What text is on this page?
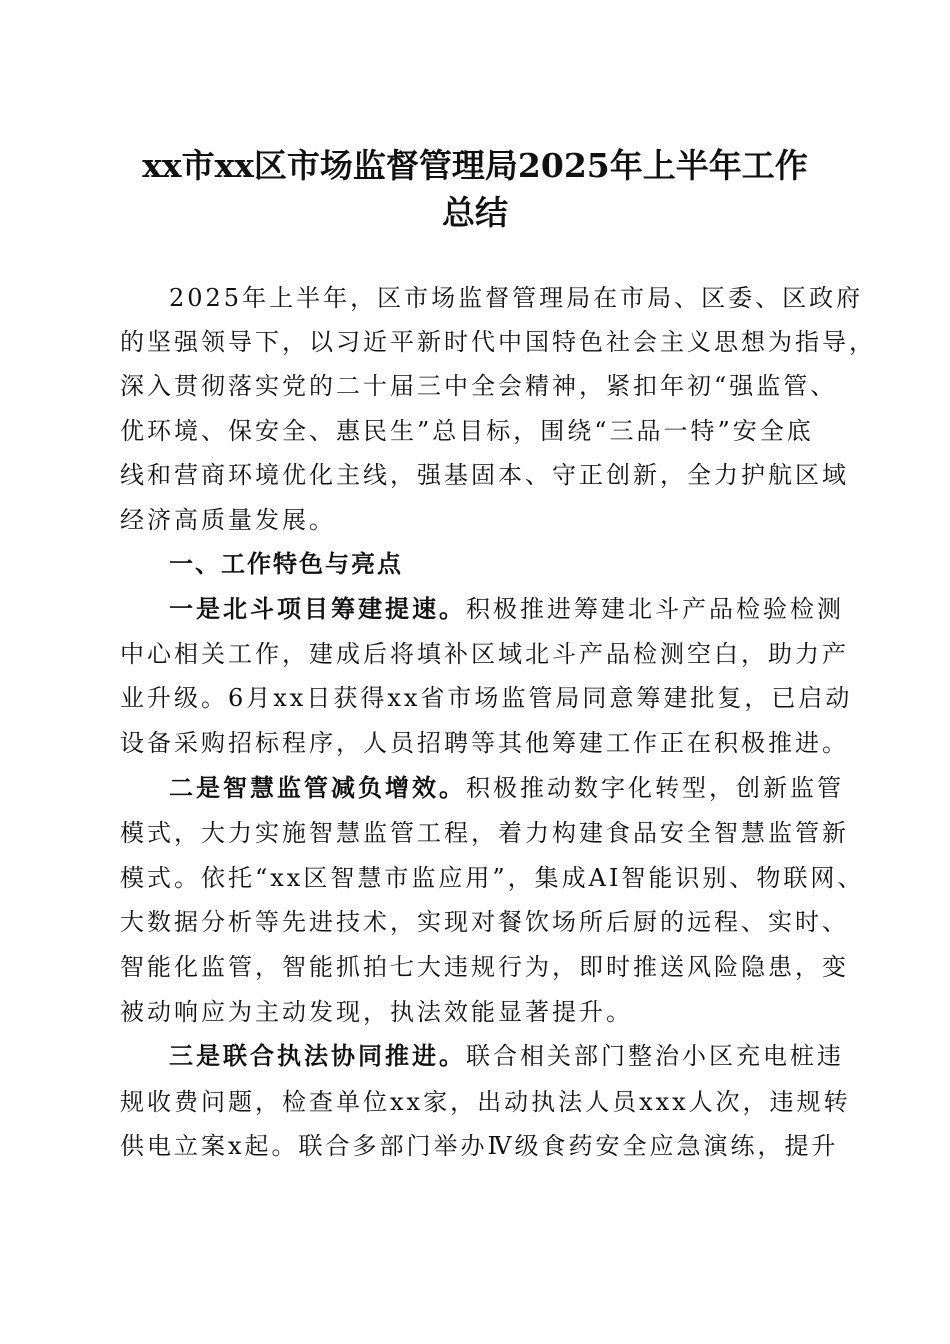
xx市xx区市场监督管理局2025年上半年工作
总结
2025年上半年，区市场监督管理局在市局、区委、区政府
的坚强领导下，以习近平新时代中国特色社会主义思想为指导，
深入贯彻落实党的二十届三中全会精神，紧扣年初“强监管、
优环境、保安全、惠民生”总目标，围绕“三品一特”安全底
线和营商环境优化主线，强基固本、守正创新，全力护航区域
经济高质量发展。
一、工作特色与亮点
一是北斗项目筹建提速。积极推进筹建北斗产品检验检测
中心相关工作，建成后将填补区域北斗产品检测空白，助力产
业升级。6月xx日获得xx省市场监管局同意筹建批复，已启动
设备采购招标程序，人员招聘等其他筹建工作正在积极推进。
二是智慧监管减负增效。积极推动数字化转型，创新监管
模式，大力实施智慧监管工程，着力构建食品安全智慧监管新
模式。依托“xx区智慧市监应用”，集成AI智能识别、物联网、
大数据分析等先进技术，实现对餐饮场所后厨的远程、实时、
智能化监管，智能抓拍七大违规行为，即时推送风险隐患，变
被动响应为主动发现，执法效能显著提升。
三是联合执法协同推进。联合相关部门整治小区充电桩违
规收费问题，检查单位xx家，出动执法人员xxx人次，违规转
供电立案x起。联合多部门举办Ⅳ级食药安全应急演练，提升
